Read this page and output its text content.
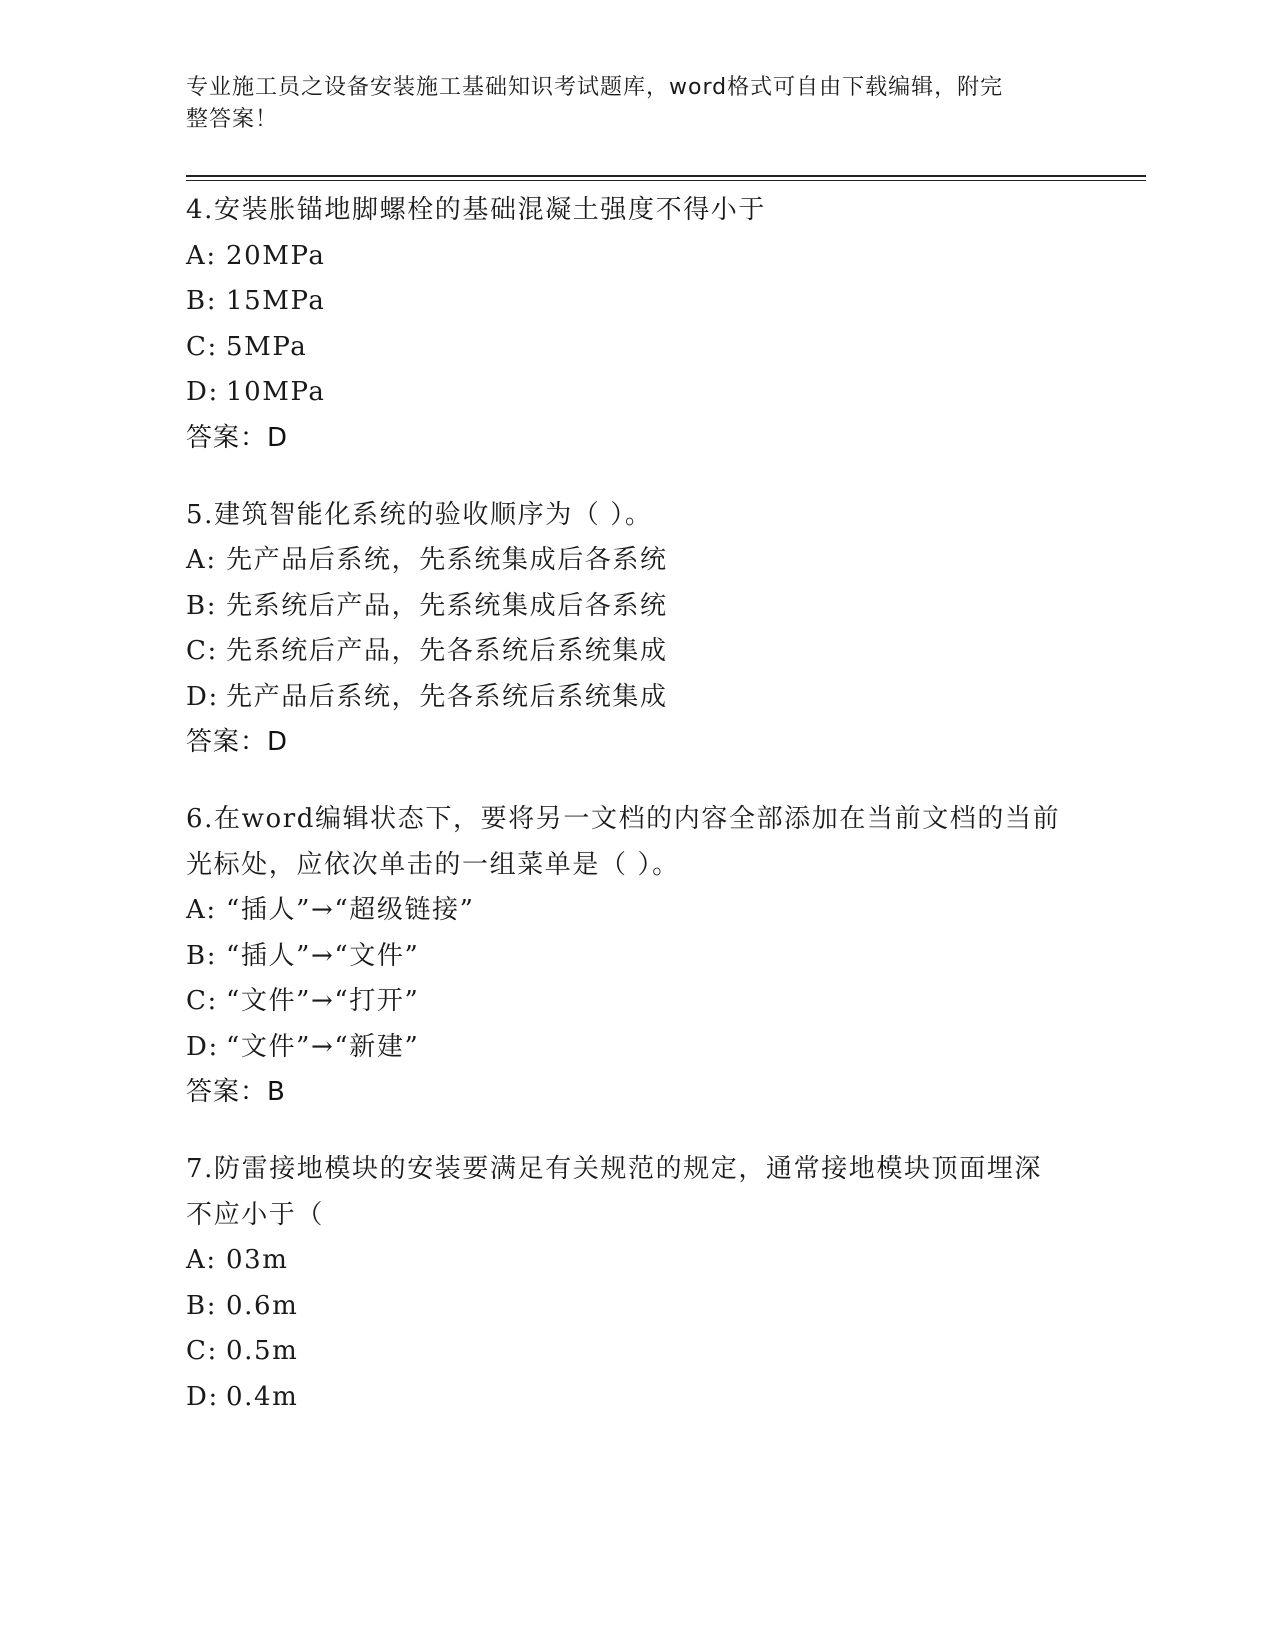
专业施工员之设备安装施工基础知识考试题库，word格式可自由下载编辑，附完
整答案！
4.安装胀锚地脚螺栓的基础混凝土强度不得小于
A: 20MPa
B: 15MPa
C: 5MPa
D: 10MPa
答案：D
5.建筑智能化系统的验收顺序为（ ）。
A: 先产品后系统，先系统集成后各系统
B: 先系统后产品，先系统集成后各系统
C: 先系统后产品，先各系统后系统集成
D: 先产品后系统，先各系统后系统集成
答案：D
6.在word编辑状态下，要将另一文档的内容全部添加在当前文档的当前光标处，应依次单击的一组菜单是（ ）。
A: “插人”→“超级链接”
B: “插人”→“文件”
C: “文件”→“打开”
D: “文件”→“新建”
答案：B
7.防雷接地模块的安装要满足有关规范的规定，通常接地模块顶面埋深不应小于（
A: 03m
B: 0.6m
C: 0.5m
D: 0.4m
